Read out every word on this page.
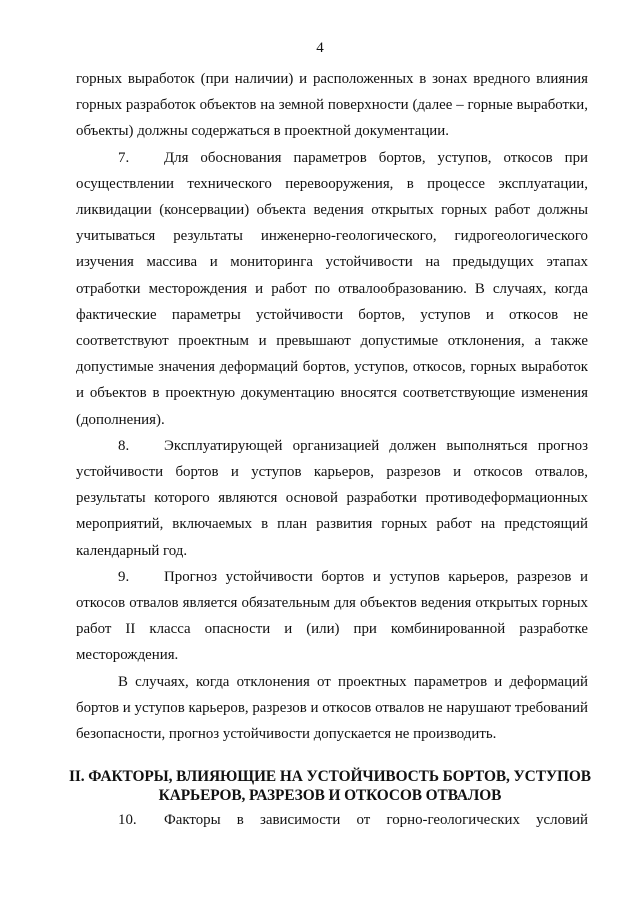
4

горных выработок (при наличии) и расположенных в зонах вредного влияния горных разработок объектов на земной поверхности (далее – горные выработки, объекты) должны содержаться в проектной документации.

7. Для обоснования параметров бортов, уступов, откосов при осуществлении технического перевооружения, в процессе эксплуатации, ликвидации (консервации) объекта ведения открытых горных работ должны учитываться результаты инженерно-геологического, гидрогеологического изучения массива и мониторинга устойчивости на предыдущих этапах отработки месторождения и работ по отвалообразованию. В случаях, когда фактические параметры устойчивости бортов, уступов и откосов не соответствуют проектным и превышают допустимые отклонения, а также допустимые значения деформаций бортов, уступов, откосов, горных выработок и объектов в проектную документацию вносятся соответствующие изменения (дополнения).

8. Эксплуатирующей организацией должен выполняться прогноз устойчивости бортов и уступов карьеров, разрезов и откосов отвалов, результаты которого являются основой разработки противодеформационных мероприятий, включаемых в план развития горных работ на предстоящий календарный год.

9. Прогноз устойчивости бортов и уступов карьеров, разрезов и откосов отвалов является обязательным для объектов ведения открытых горных работ II класса опасности и (или) при комбинированной разработке месторождения.

В случаях, когда отклонения от проектных параметров и деформаций бортов и уступов карьеров, разрезов и откосов отвалов не нарушают требований безопасности, прогноз устойчивости допускается не производить.

II. ФАКТОРЫ, ВЛИЯЮЩИЕ НА УСТОЙЧИВОСТЬ БОРТОВ, УСТУПОВ КАРЬЕРОВ, РАЗРЕЗОВ И ОТКОСОВ ОТВАЛОВ

10. Факторы в зависимости от горно-геологических условий
